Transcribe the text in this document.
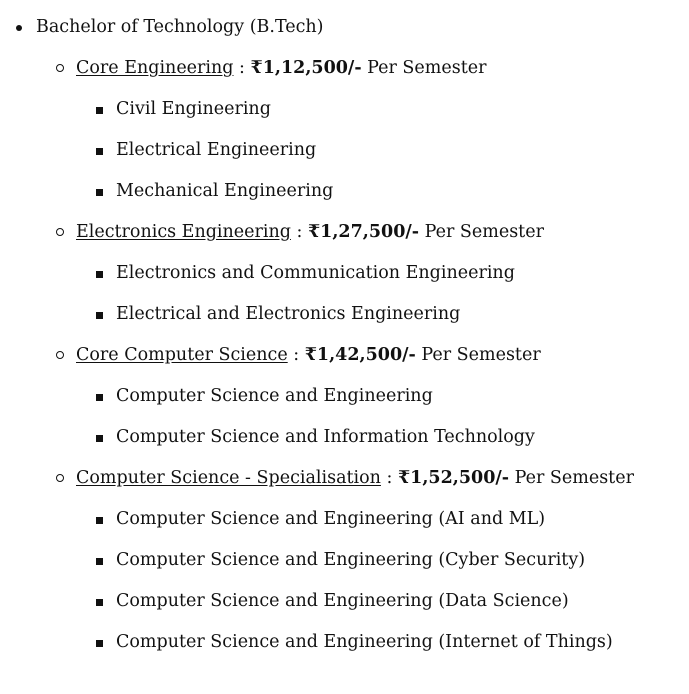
Bachelor of Technology (B.Tech)
Core Engineering : ₹1,12,500/- Per Semester
Civil Engineering
Electrical Engineering
Mechanical Engineering
Electronics Engineering : ₹1,27,500/- Per Semester
Electronics and Communication Engineering
Electrical and Electronics Engineering
Core Computer Science : ₹1,42,500/- Per Semester
Computer Science and Engineering
Computer Science and Information Technology
Computer Science - Specialisation : ₹1,52,500/- Per Semester
Computer Science and Engineering (AI and ML)
Computer Science and Engineering (Cyber Security)
Computer Science and Engineering (Data Science)
Computer Science and Engineering (Internet of Things)
